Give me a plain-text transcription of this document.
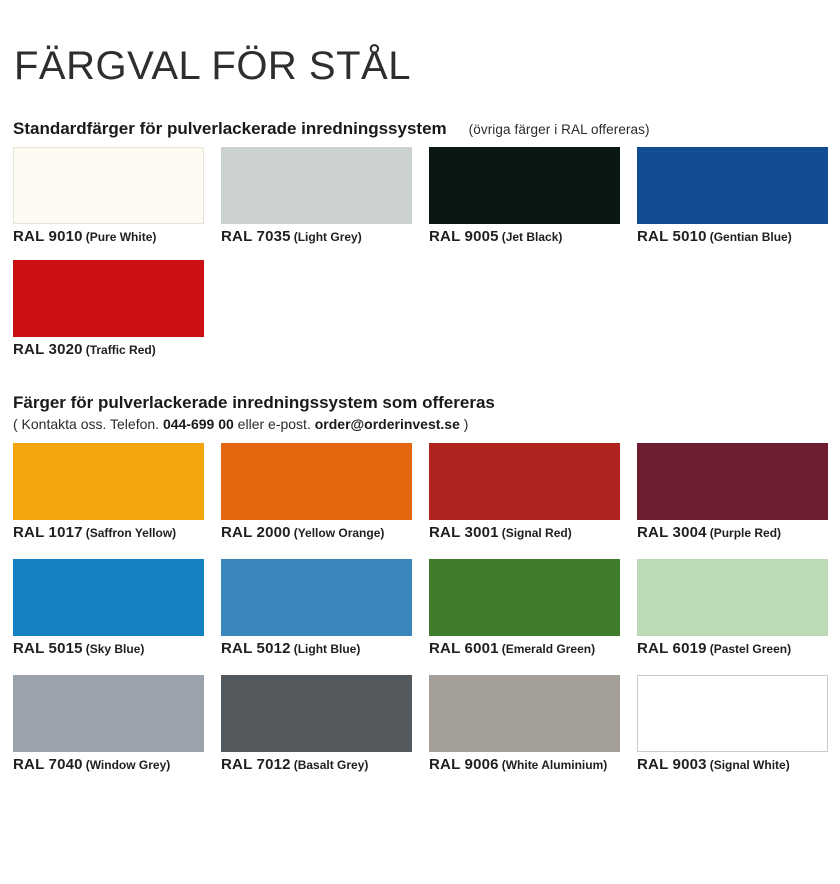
FÄRGVAL FÖR STÅL
Standardfärger för pulverlackerade inredningssystem (övriga färger i RAL offereras)
RAL 9010 (Pure White)	RAL 7035 (Light Grey)	RAL 9005 (Jet Black)	RAL 5010 (Gentian Blue)
RAL 3020 (Traffic Red)
Färger för pulverlackerade inredningssystem som offereras
( Kontakta oss. Telefon. 044-699 00 eller e-post. order@orderinvest.se )
RAL 1017 (Saffron Yellow)	RAL 2000 (Yellow Orange)	RAL 3001 (Signal Red)	RAL 3004 (Purple Red)
RAL 5015 (Sky Blue)	RAL 5012 (Light Blue)	RAL 6001 (Emerald Green)	RAL 6019 (Pastel Green)
RAL 7040 (Window Grey)	RAL 7012 (Basalt Grey)	RAL 9006 (White Aluminium)	RAL 9003 (Signal White)
